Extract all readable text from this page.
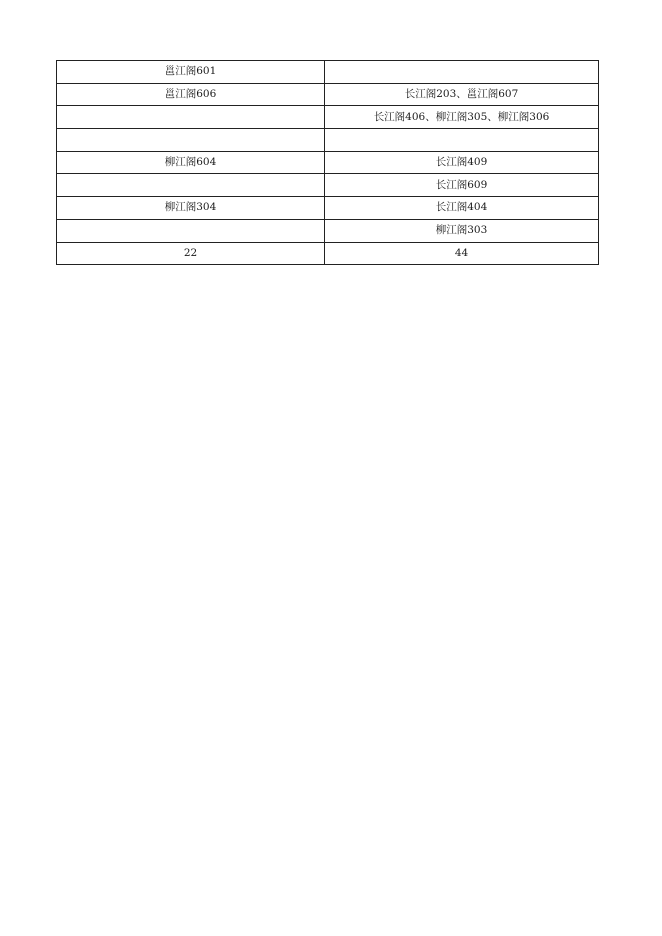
邕江阁601	
邕江阁606	长江阁203、邕江阁607
	长江阁406、柳江阁305、柳江阁306

柳江阁604	长江阁409
	长江阁609
柳江阁304	长江阁404
	柳江阁303
22	44
